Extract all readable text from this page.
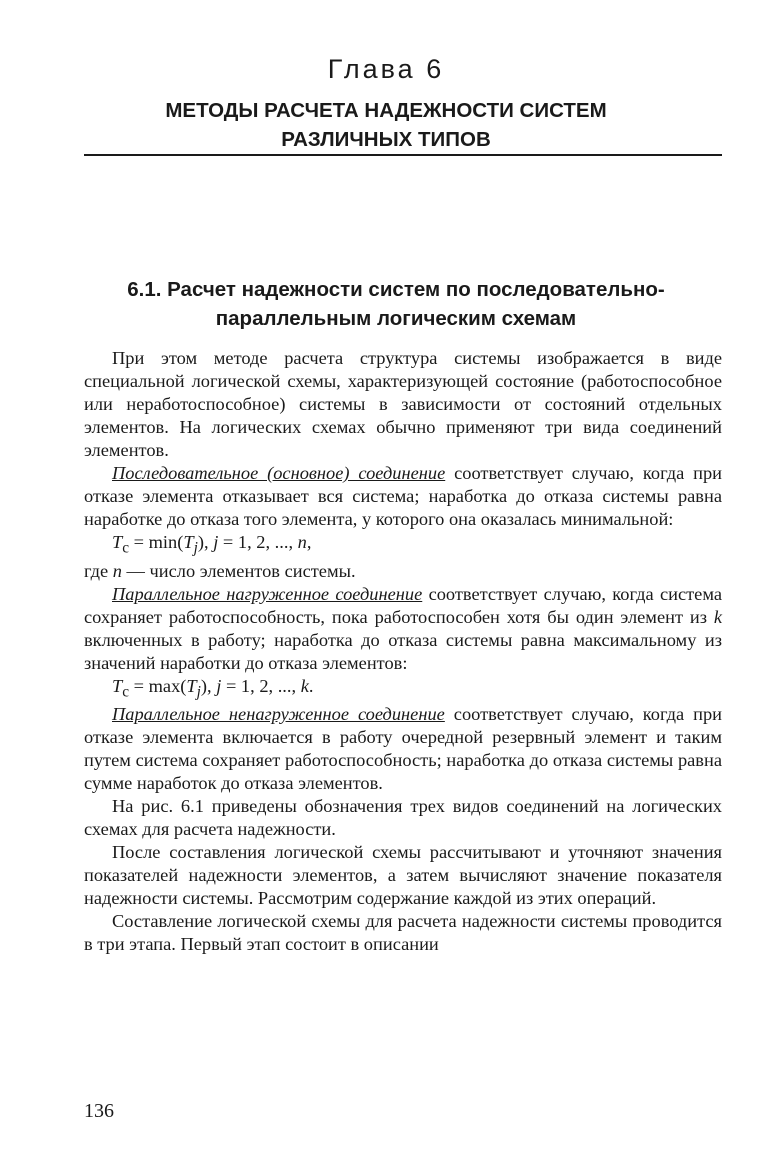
Глава 6
МЕТОДЫ РАСЧЕТА НАДЕЖНОСТИ СИСТЕМ
РАЗЛИЧНЫХ ТИПОВ
6.1. Расчет надежности систем по последовательно-
параллельным логическим схемам

При этом методе расчета структура системы изображается в виде специальной логической схемы, характеризующей состояние (работоспособное или неработоспособное) системы в зависимости от состояний отдельных элементов. На логических схемах обычно применяют три вида соединений элементов.

Последовательное (основное) соединение соответствует случаю, когда при отказе элемента отказывает вся система; наработка до отказа системы равна наработке до отказа того элемента, у которого она оказалась минимальной:

$T_c = \min(T_j)$, j = 1, 2, ..., n,

где n — число элементов системы.

Параллельное нагруженное соединение соответствует случаю, когда система сохраняет работоспособность, пока работоспособен хотя бы один элемент из k включенных в работу; наработка до отказа системы равна максимальному из значений наработки до отказа элементов:

$T_c = \max(T_j)$, j = 1, 2, ..., k.

Параллельное ненагруженное соединение соответствует случаю, когда при отказе элемента включается в работу очередной резервный элемент и таким путем система сохраняет работоспособность; наработка до отказа системы равна сумме наработок до отказа элементов.

На рис. 6.1 приведены обозначения трех видов соединений на логических схемах для расчета надежности.

После составления логической схемы рассчитывают и уточняют значения показателей надежности элементов, а затем вычисляют значение показателя надежности системы. Рассмотрим содержание каждой из этих операций.

Составление логической схемы для расчета надежности системы проводится в три этапа. Первый этап состоит в описании

136
